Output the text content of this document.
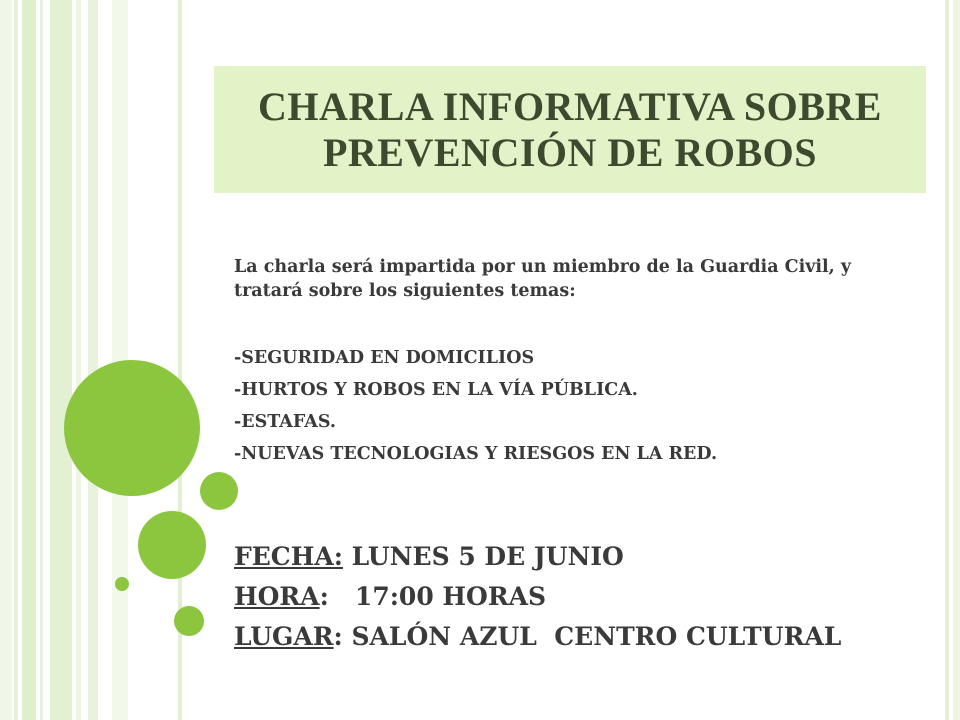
CHARLA INFORMATIVA SOBRE
PREVENCIÓN DE ROBOS
La charla será impartida por un miembro de la Guardia Civil, y tratará sobre los siguientes temas:
-SEGURIDAD EN DOMICILIOS
-HURTOS Y ROBOS EN LA VÍA PÚBLICA.
-ESTAFAS.
-NUEVAS TECNOLOGIAS Y RIESGOS EN LA RED.
FECHA: LUNES 5 DE JUNIO
HORA:   17:00 HORAS
LUGAR: SALÓN AZUL  CENTRO CULTURAL
